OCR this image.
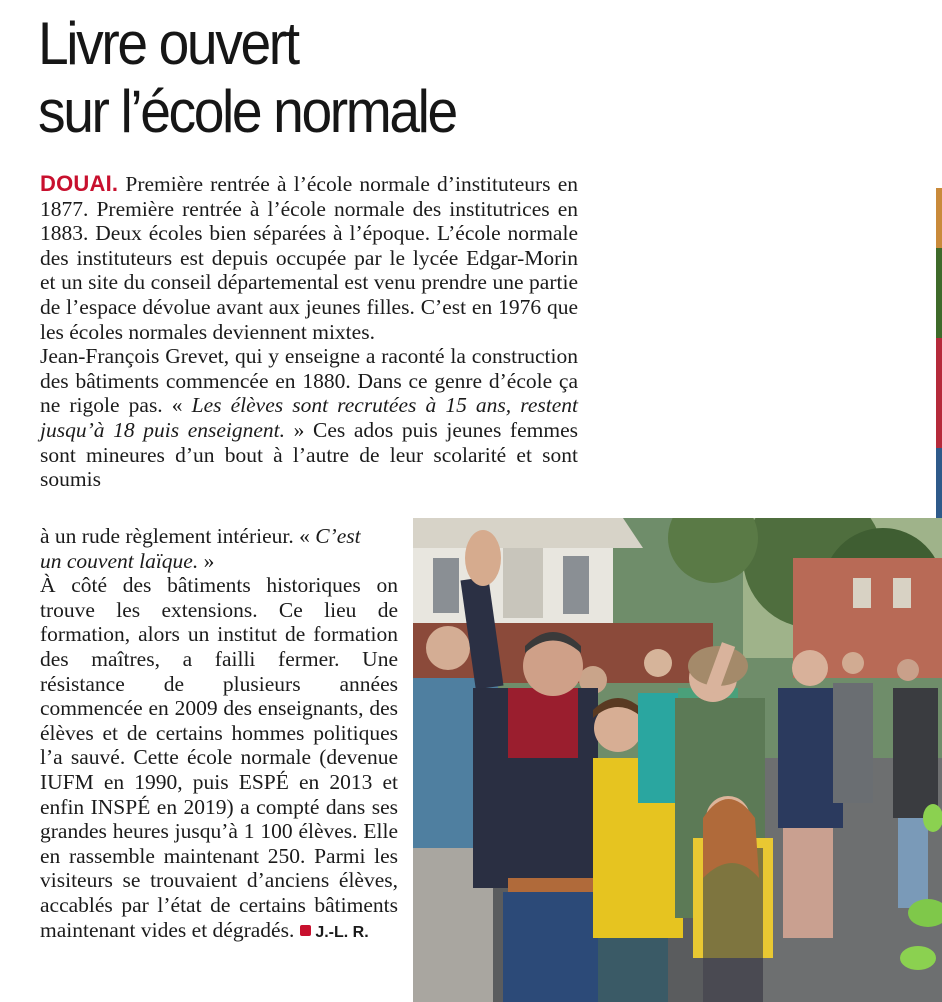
Livre ouvert
sur l’école normale

DOUAI. Première rentrée à l’école normale d’instituteurs en 1877. Première rentrée à l’école normale des institutrices en 1883. Deux écoles bien séparées à l’époque. L’école normale des instituteurs est depuis occupée par le lycée Edgar-Morin et un site du conseil départemental est venu prendre une partie de l’espace dévolue avant aux jeunes filles. C’est en 1976 que les écoles normales deviennent mixtes.

Jean-François Grevet, qui y enseigne a raconté la construction des bâtiments commencée en 1880. Dans ce genre d’école ça ne rigole pas. « Les élèves sont recrutées à 15 ans, restent jusqu’à 18 puis enseignent. » Ces ados puis jeunes femmes sont mineures d’un bout à l’autre de leur scolarité et sont soumis

à un rude règlement intérieur. « C’est
un couvent laïque. »

À côté des bâtiments historiques on trouve les extensions. Ce lieu de formation, alors un institut de formation des maîtres, a failli fermer. Une résistance de plusieurs années commencée en 2009 des enseignants, des élèves et de certains hommes politiques l’a sauvé. Cette école normale (devenue IUFM en 1990, puis ESPÉ en 2013 et enfin INSPÉ en 2019) a compté dans ses grandes heures jusqu’à 1 100 élèves. Elle en rassemble maintenant 250. Parmi les visiteurs se trouvaient d’anciens élèves, accablés par l’état de certains bâtiments maintenant vides et dégradés. J.-L. R.
